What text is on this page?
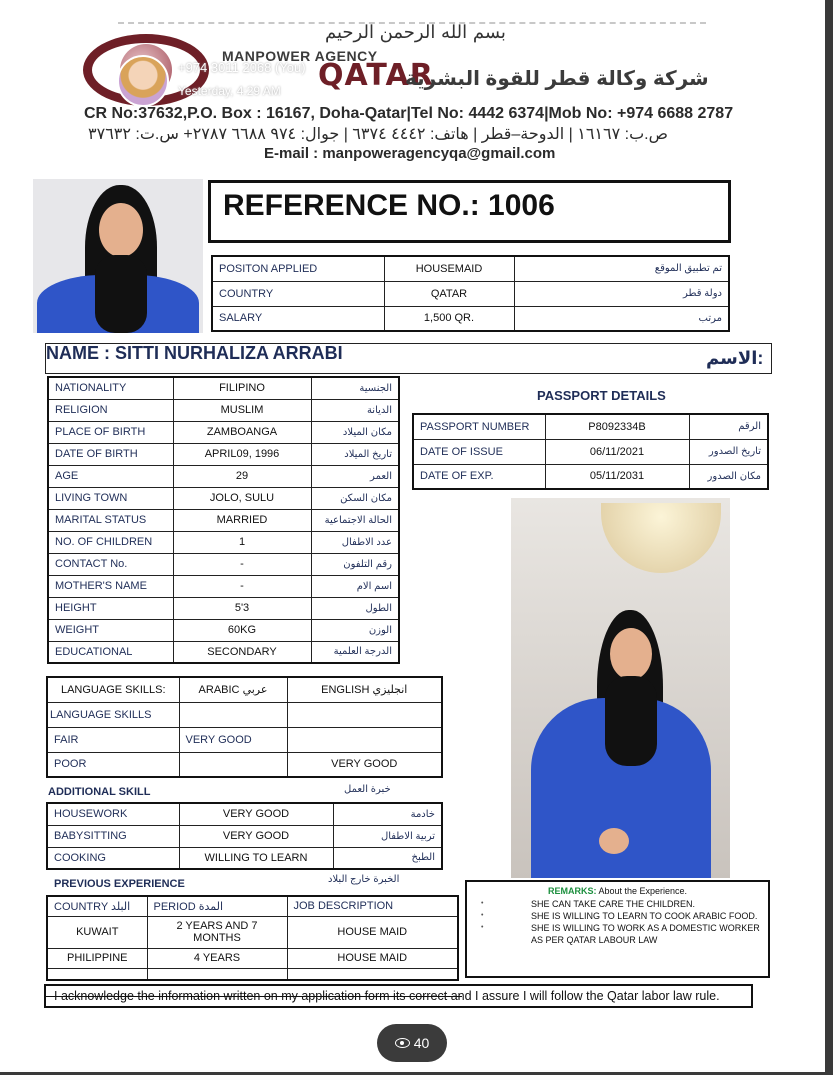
بسم الله الرحمن الرحيم
MANPOWER AGENCY
QATAR
شركة وكالة قطر للقوة البشرية
+974 3011 2068 (You)
Yesterday, 4:29 AM
CR No:37632,P.O. Box : 16167, Doha-Qatar|Tel No: 4442 6374|Mob No: +974 6688 2787
ص.ب: ١٦١٦٧ | الدوحة–قطر | هاتف: ٤٤٤٢ ٦٣٧٤ | جوال: ٩٧٤ ٦٦٨٨ ٢٧٨٧+ س.ت: ٣٧٦٣٢
E-mail : manpoweragencyqa@gmail.com
REFERENCE NO.: 1006
POSITON APPLIED	HOUSEMAID	تم تطبيق الموقع
COUNTRY	QATAR	دولة قطر
SALARY	1,500 QR.	مرتب
NAME : SITTI NURHALIZA ARRABI	:الاسم
NATIONALITY	FILIPINO	الجنسية
RELIGION	MUSLIM	الديانة
PLACE OF BIRTH	ZAMBOANGA	مكان الميلاد
DATE OF BIRTH	APRIL09, 1996	تاريخ الميلاد
AGE	29	العمر
LIVING TOWN	JOLO, SULU	مكان السكن
MARITAL STATUS	MARRIED	الحالة الاجتماعية
NO. OF CHILDREN	1	عدد الاطفال
CONTACT No.	-	رقم التلفون
MOTHER'S NAME	-	اسم الام
HEIGHT	5'3	الطول
WEIGHT	60KG	الوزن
EDUCATIONAL	SECONDARY	الدرجة العلمية
PASSPORT DETAILS
PASSPORT NUMBER	P8092334B	الرقم
DATE OF ISSUE	06/11/2021	تاريخ الصدور
DATE OF EXP.	05/11/2031	مكان الصدور
LANGUAGE SKILLS:	ARABIC عربي	ENGLISH انجليزي
LANGUAGE SKILLS		
FAIR	VERY GOOD	
POOR		VERY GOOD
ADDITIONAL SKILL	خبرة العمل
HOUSEWORK	VERY GOOD	خادمة
BABYSITTING	VERY GOOD	تربية الاطفال
COOKING	WILLING TO LEARN	الطبخ
PREVIOUS EXPERIENCE	الخبرة خارج البلاد
COUNTRY البلد	PERIOD المدة	JOB DESCRIPTION
KUWAIT	2 YEARS AND 7 MONTHS	HOUSE MAID
PHILIPPINE	4 YEARS	HOUSE MAID

REMARKS: About the Experience.
• SHE CAN TAKE CARE THE CHILDREN.
• SHE IS WILLING TO LEARN TO COOK ARABIC FOOD.
• SHE IS WILLING TO WORK AS A DOMESTIC WORKER AS PER QATAR LABOUR LAW
I acknowledge the information written on my application form its correct and I assure I will follow the Qatar labor law rule.
40
